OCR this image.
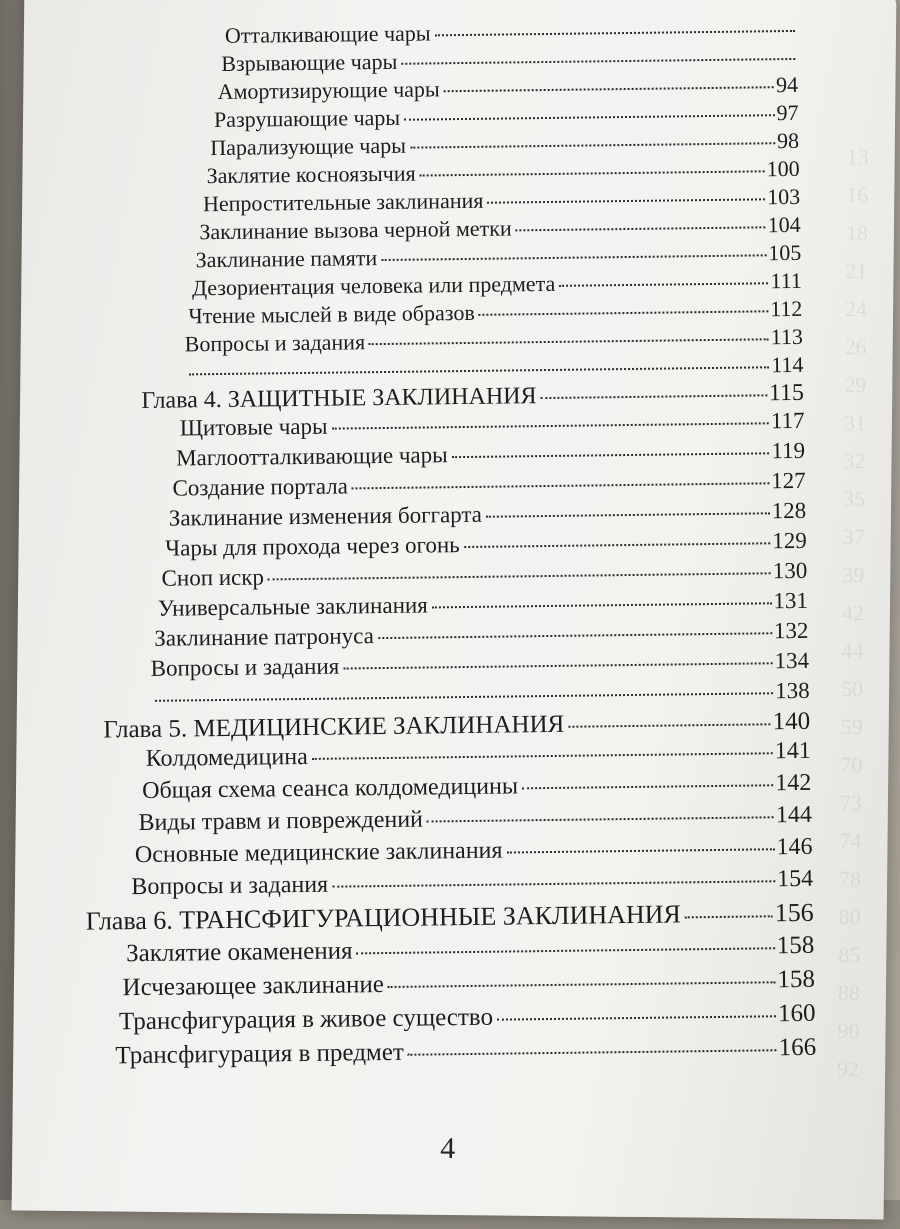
13
16
18
21
24
26
29
31
32
35
37
39
42
44
50
59
70
73
74
78
80
85
88
90
92
Отталкивающие чары
Взрывающие чары
Амортизирующие чары	94
Разрушающие чары	97
Парализующие чары	98
Заклятие косноязычия	100
Непростительные заклинания	103
Заклинание вызова черной метки	104
Заклинание памяти	105
Дезориентация человека или предмета	111
Чтение мыслей в виде образов	112
Вопросы и задания	113
114
Глава 4. ЗАЩИТНЫЕ ЗАКЛИНАНИЯ	115
Щитовые чары	117
Маглоотталкивающие чары	119
Создание портала	127
Заклинание изменения боггарта	128
Чары для прохода через огонь	129
Сноп искр	130
Универсальные заклинания	131
Заклинание патронуса	132
Вопросы и задания	134
138
Глава 5. МЕДИЦИНСКИЕ ЗАКЛИНАНИЯ	140
Колдомедицина	141
Общая схема сеанса колдомедицины	142
Виды травм и повреждений	144
Основные медицинские заклинания	146
Вопросы и задания	154
Глава 6. ТРАНСФИГУРАЦИОННЫЕ ЗАКЛИНАНИЯ	156
Заклятие окаменения	158
Исчезающее заклинание	158
Трансфигурация в живое существо	160
Трансфигурация в предмет	166
4
